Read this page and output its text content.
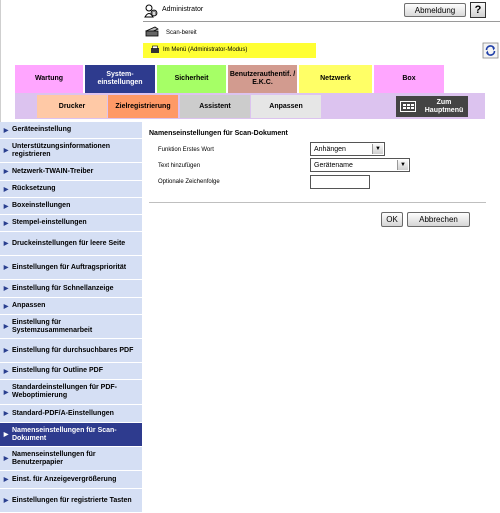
Administrator	Abmeldung	?
Scan-bereit
Im Menü (Administrator-Modus)
Wartung
System-
einstellungen
Sicherheit
Benutzerauthentif. / E.K.C.
Netzwerk	Box
Drucker	Zielregistrierung	Assistent	Anpassen
Zum Hauptmenü
▶ Geräteeinstellung
▶
Unterstützungsinformationen registrieren
▶ Netzwerk-TWAIN-Treiber
▶ Rücksetzung
▶ Boxeinstellungen
▶ Stempel-einstellungen
▶ Druckeinstellungen für leere Seite
▶ Einstellungen für Auftragspriorität
▶ Einstellung für Schnellanzeige
▶ Anpassen
▶
Einstellung für Systemzusammenarbeit
▶ Einstellung für durchsuchbares PDF
▶ Einstellung für Outline PDF
▶
Standardeinstellungen für PDF-Weboptimierung
▶ Standard-PDF/A-Einstellungen
▶
Namenseinstellungen für Scan-Dokument
▶
Namenseinstellungen für Benutzerpapier
▶ Einst. für Anzeigevergrößerung
▶ Einstellungen für registrierte Tasten
Namenseinstellungen für Scan-Dokument
Funktion Erstes Wort	Anhängen	▼
Text hinzufügen	Gerätename	▼
Optionale Zeichenfolge
OK	Abbrechen
